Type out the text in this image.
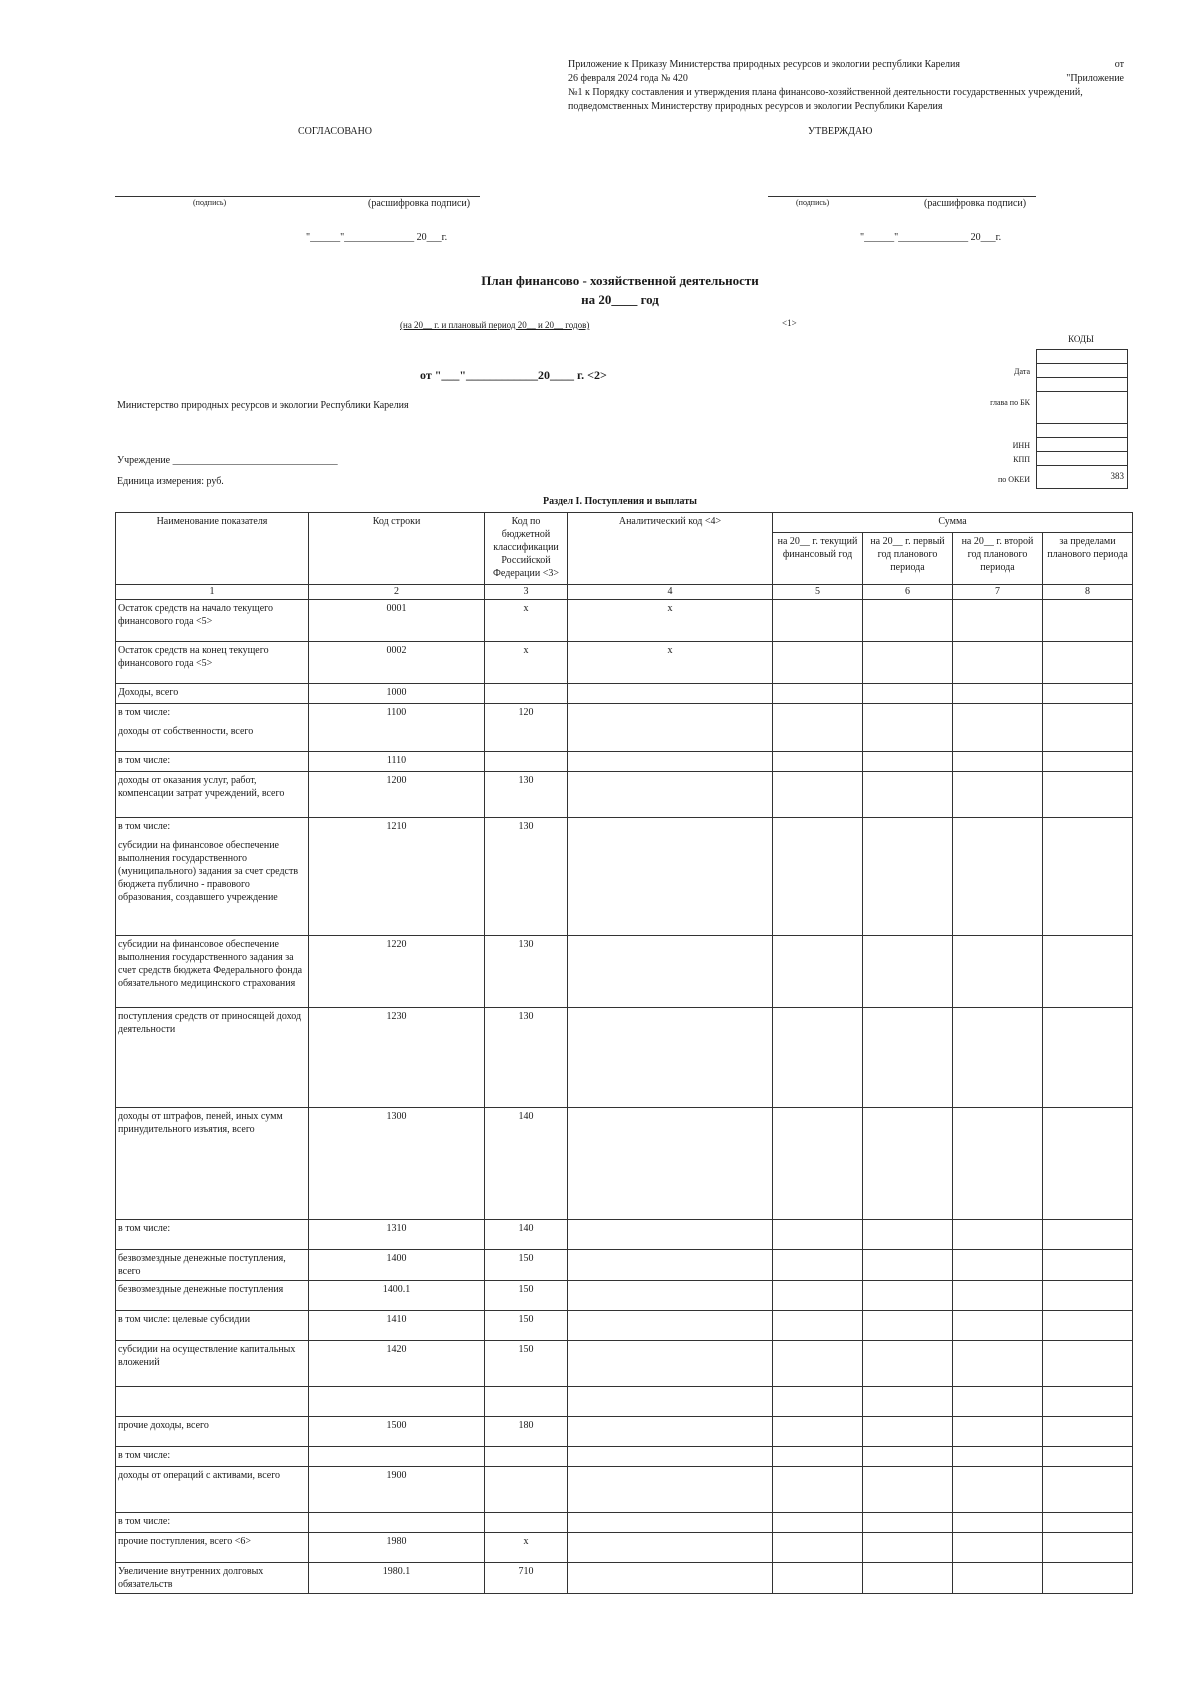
Приложение к Приказу Министерства природных ресурсов и экологии республики Карелия	от
26 февраля 2024 года № 420	"Приложение
№1 к Порядку составления и утверждения плана финансово-хозяйственной деятельности государственных учреждений,
подведомственных Министерству природных ресурсов и экологии Республики Карелия
СОГЛАСОВАНО	УТВЕРЖДАЮ
(подпись)	(расшифровка подписи)	(подпись)	(расшифровка подписи)
"______"______________ 20___г.	"______"______________ 20___г.
План финансово - хозяйственной деятельности
на 20____ год
(на 20__ г. и плановый период 20__ и 20__ годов)	<1>
от "___"____________20____ г. <2>
КОДЫ
383
Дата
глава по БК
ИНН
КПП
по ОКЕИ
Министерство природных ресурсов и экологии Республики Карелия
Учреждение _________________________________
Единица измерения: руб.
Раздел I. Поступления и выплаты
Наименование показателя	Код строки	Код по бюджетной классификации Российской Федерации <3>	Аналитический код <4>	Сумма			
				на 20__ г. текущий финансовый год	на 20__ г. первый год планового периода	на 20__ г. второй год планового периода	за пределами планового периода
1	2	3	4	5	6	7	8

Остаток средств на начало текущего финансового года <5>	0001	x	x				

Остаток средств на конец текущего финансового года <5>	0002	x	x				

Доходы, всего	1000						

в том числе:
доходы от собственности, всего	1100	120					

в том числе:	1110						

доходы от оказания услуг, работ, компенсации затрат учреждений, всего	1200	130					

в том числе:
субсидии на финансовое обеспечение выполнения государственного (муниципального) задания за счет средств бюджета публично - правового образования, создавшего учреждение	1210	130					

субсидии на финансовое обеспечение выполнения государственного задания за счет средств бюджета Федерального фонда обязательного медицинского страхования	1220	130					

поступления средств от приносящей доход деятельности	1230	130					

доходы от штрафов, пеней, иных сумм принудительного изъятия, всего	1300	140					

в том числе:	1310	140					

безвозмездные денежные поступления, всего	1400	150					

безвозмездные денежные поступления	1400.1	150					

в том числе: целевые субсидии	1410	150					

субсидии на осуществление капитальных вложений	1420	150					

прочие доходы, всего	1500	180					

в том числе:							

доходы от операций с активами, всего	1900						

в том числе:							

прочие поступления, всего <6>	1980	x					

Увеличение внутренних долговых обязательств	1980.1	710					
